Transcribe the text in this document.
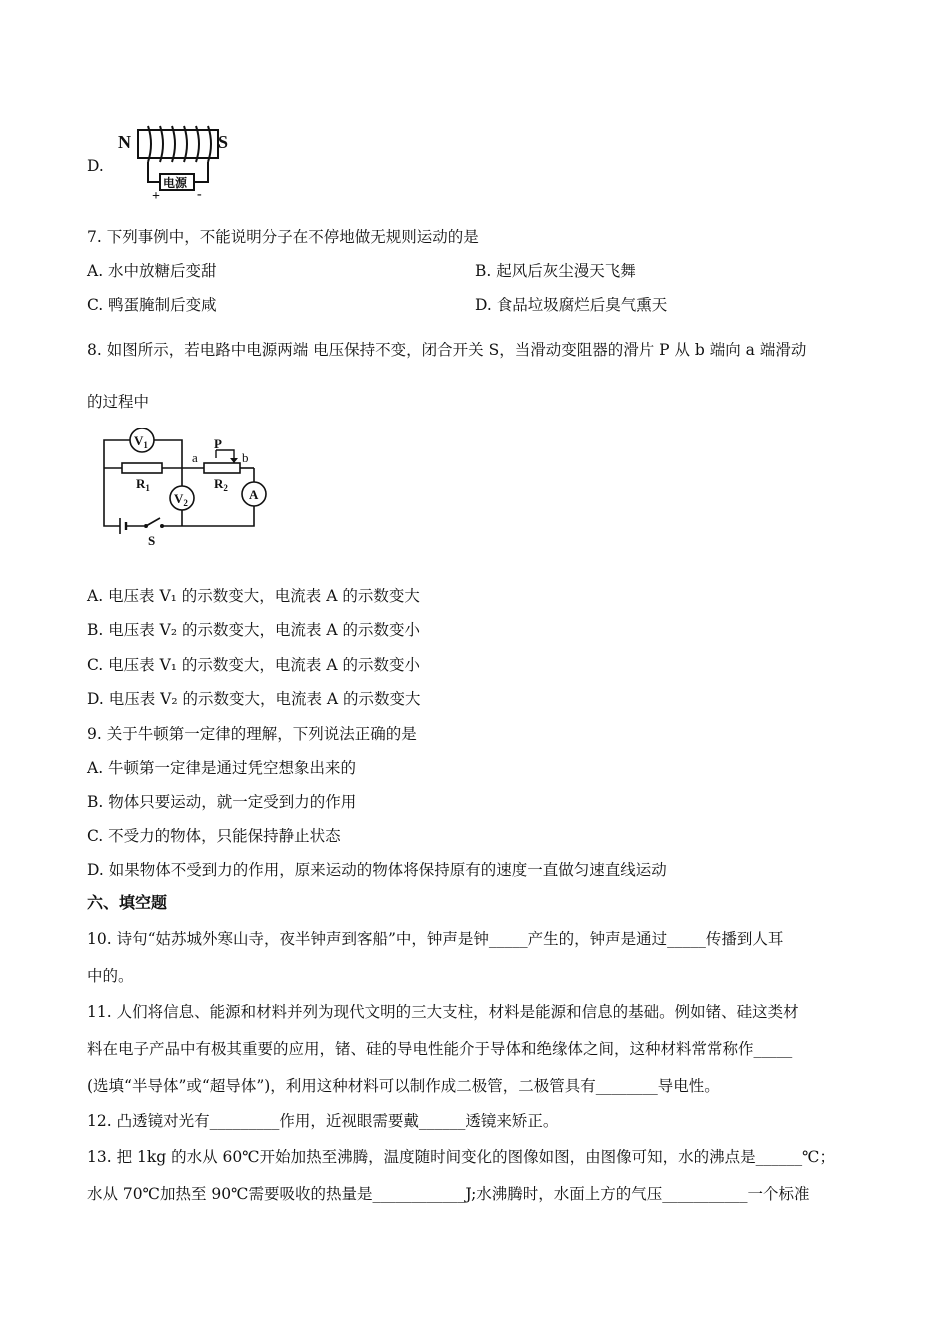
D.
N	S
电源
+	-
7. 下列事例中，不能说明分子在不停地做无规则运动的是
A. 水中放糖后变甜	B. 起风后灰尘漫天飞舞
C. 鸭蛋腌制后变咸	D. 食品垃圾腐烂后臭气熏天
8. 如图所示，若电路中电源两端 电压保持不变，闭合开关 S，当滑动变阻器的滑片 P 从 b 端向 a 端滑动
的过程中
$V_1$
$R_1$	$R_2$
a	b
P
$V_2$
A
S
A. 电压表 V₁ 的示数变大，电流表 A 的示数变大
B. 电压表 V₂ 的示数变大，电流表 A 的示数变小
C. 电压表 V₁ 的示数变大，电流表 A 的示数变小
D. 电压表 V₂ 的示数变大，电流表 A 的示数变大
9. 关于牛顿第一定律的理解，下列说法正确的是
A. 牛顿第一定律是通过凭空想象出来的
B. 物体只要运动，就一定受到力的作用
C. 不受力的物体，只能保持静止状态
D. 如果物体不受到力的作用，原来运动的物体将保持原有的速度一直做匀速直线运动
六、填空题
10. 诗句“姑苏城外寒山寺，夜半钟声到客船”中，钟声是钟_____产生的，钟声是通过_____传播到人耳
中的。
11. 人们将信息、能源和材料并列为现代文明的三大支柱，材料是能源和信息的基础。例如锗、硅这类材
料在电子产品中有极其重要的应用，锗、硅的导电性能介于导体和绝缘体之间，这种材料常常称作_____
(选填“半导体”或“超导体”)，利用这种材料可以制作成二极管，二极管具有________导电性。
12. 凸透镜对光有_________作用，近视眼需要戴______透镜来矫正。
13. 把 1kg 的水从 60℃开始加热至沸腾，温度随时间变化的图像如图，由图像可知，水的沸点是______℃；
水从 70℃加热至 90℃需要吸收的热量是____________J;水沸腾时，水面上方的气压___________一个标准
